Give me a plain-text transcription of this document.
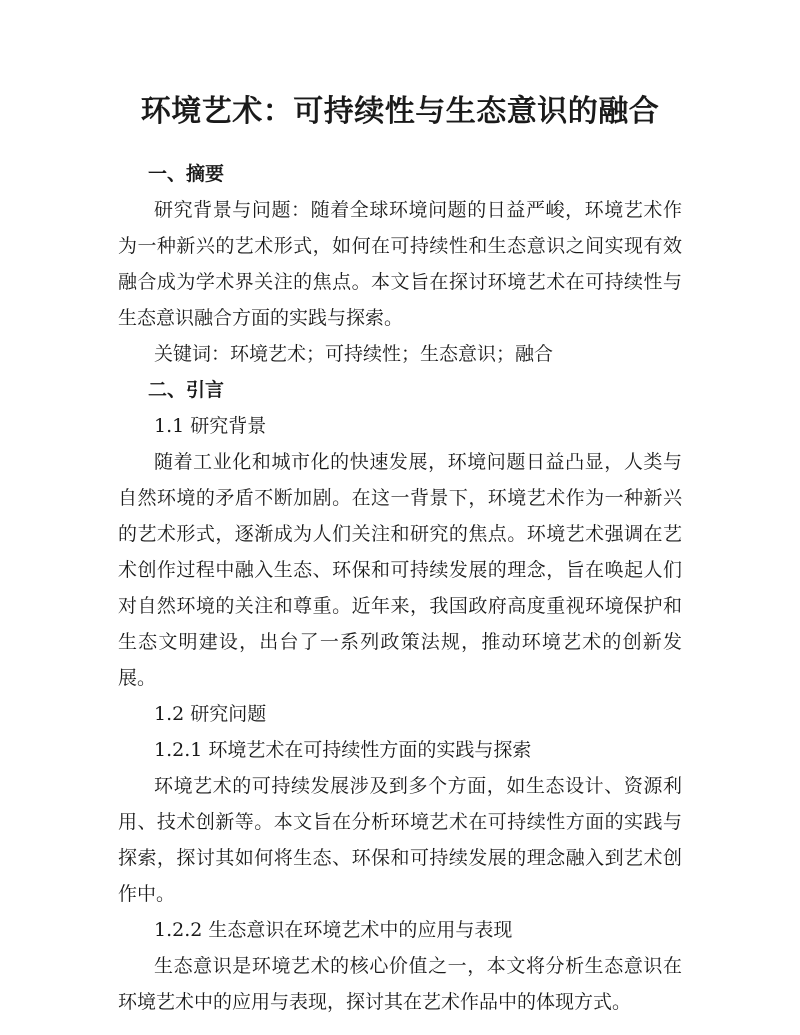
环境艺术：可持续性与生态意识的融合
一、摘要

研究背景与问题：随着全球环境问题的日益严峻，环境艺术作为一种新兴的艺术形式，如何在可持续性和生态意识之间实现有效融合成为学术界关注的焦点。本文旨在探讨环境艺术在可持续性与生态意识融合方面的实践与探索。

关键词：环境艺术；可持续性；生态意识；融合
二、引言
1.1 研究背景

随着工业化和城市化的快速发展，环境问题日益凸显，人类与自然环境的矛盾不断加剧。在这一背景下，环境艺术作为一种新兴的艺术形式，逐渐成为人们关注和研究的焦点。环境艺术强调在艺术创作过程中融入生态、环保和可持续发展的理念，旨在唤起人们对自然环境的关注和尊重。近年来，我国政府高度重视环境保护和生态文明建设，出台了一系列政策法规，推动环境艺术的创新发展。

1.2 研究问题
1.2.1 环境艺术在可持续性方面的实践与探索

环境艺术的可持续发展涉及到多个方面，如生态设计、资源利用、技术创新等。本文旨在分析环境艺术在可持续性方面的实践与探索，探讨其如何将生态、环保和可持续发展的理念融入到艺术创作中。

1.2.2 生态意识在环境艺术中的应用与表现

生态意识是环境艺术的核心价值之一，本文将分析生态意识在环境艺术中的应用与表现，探讨其在艺术作品中的体现方式。
